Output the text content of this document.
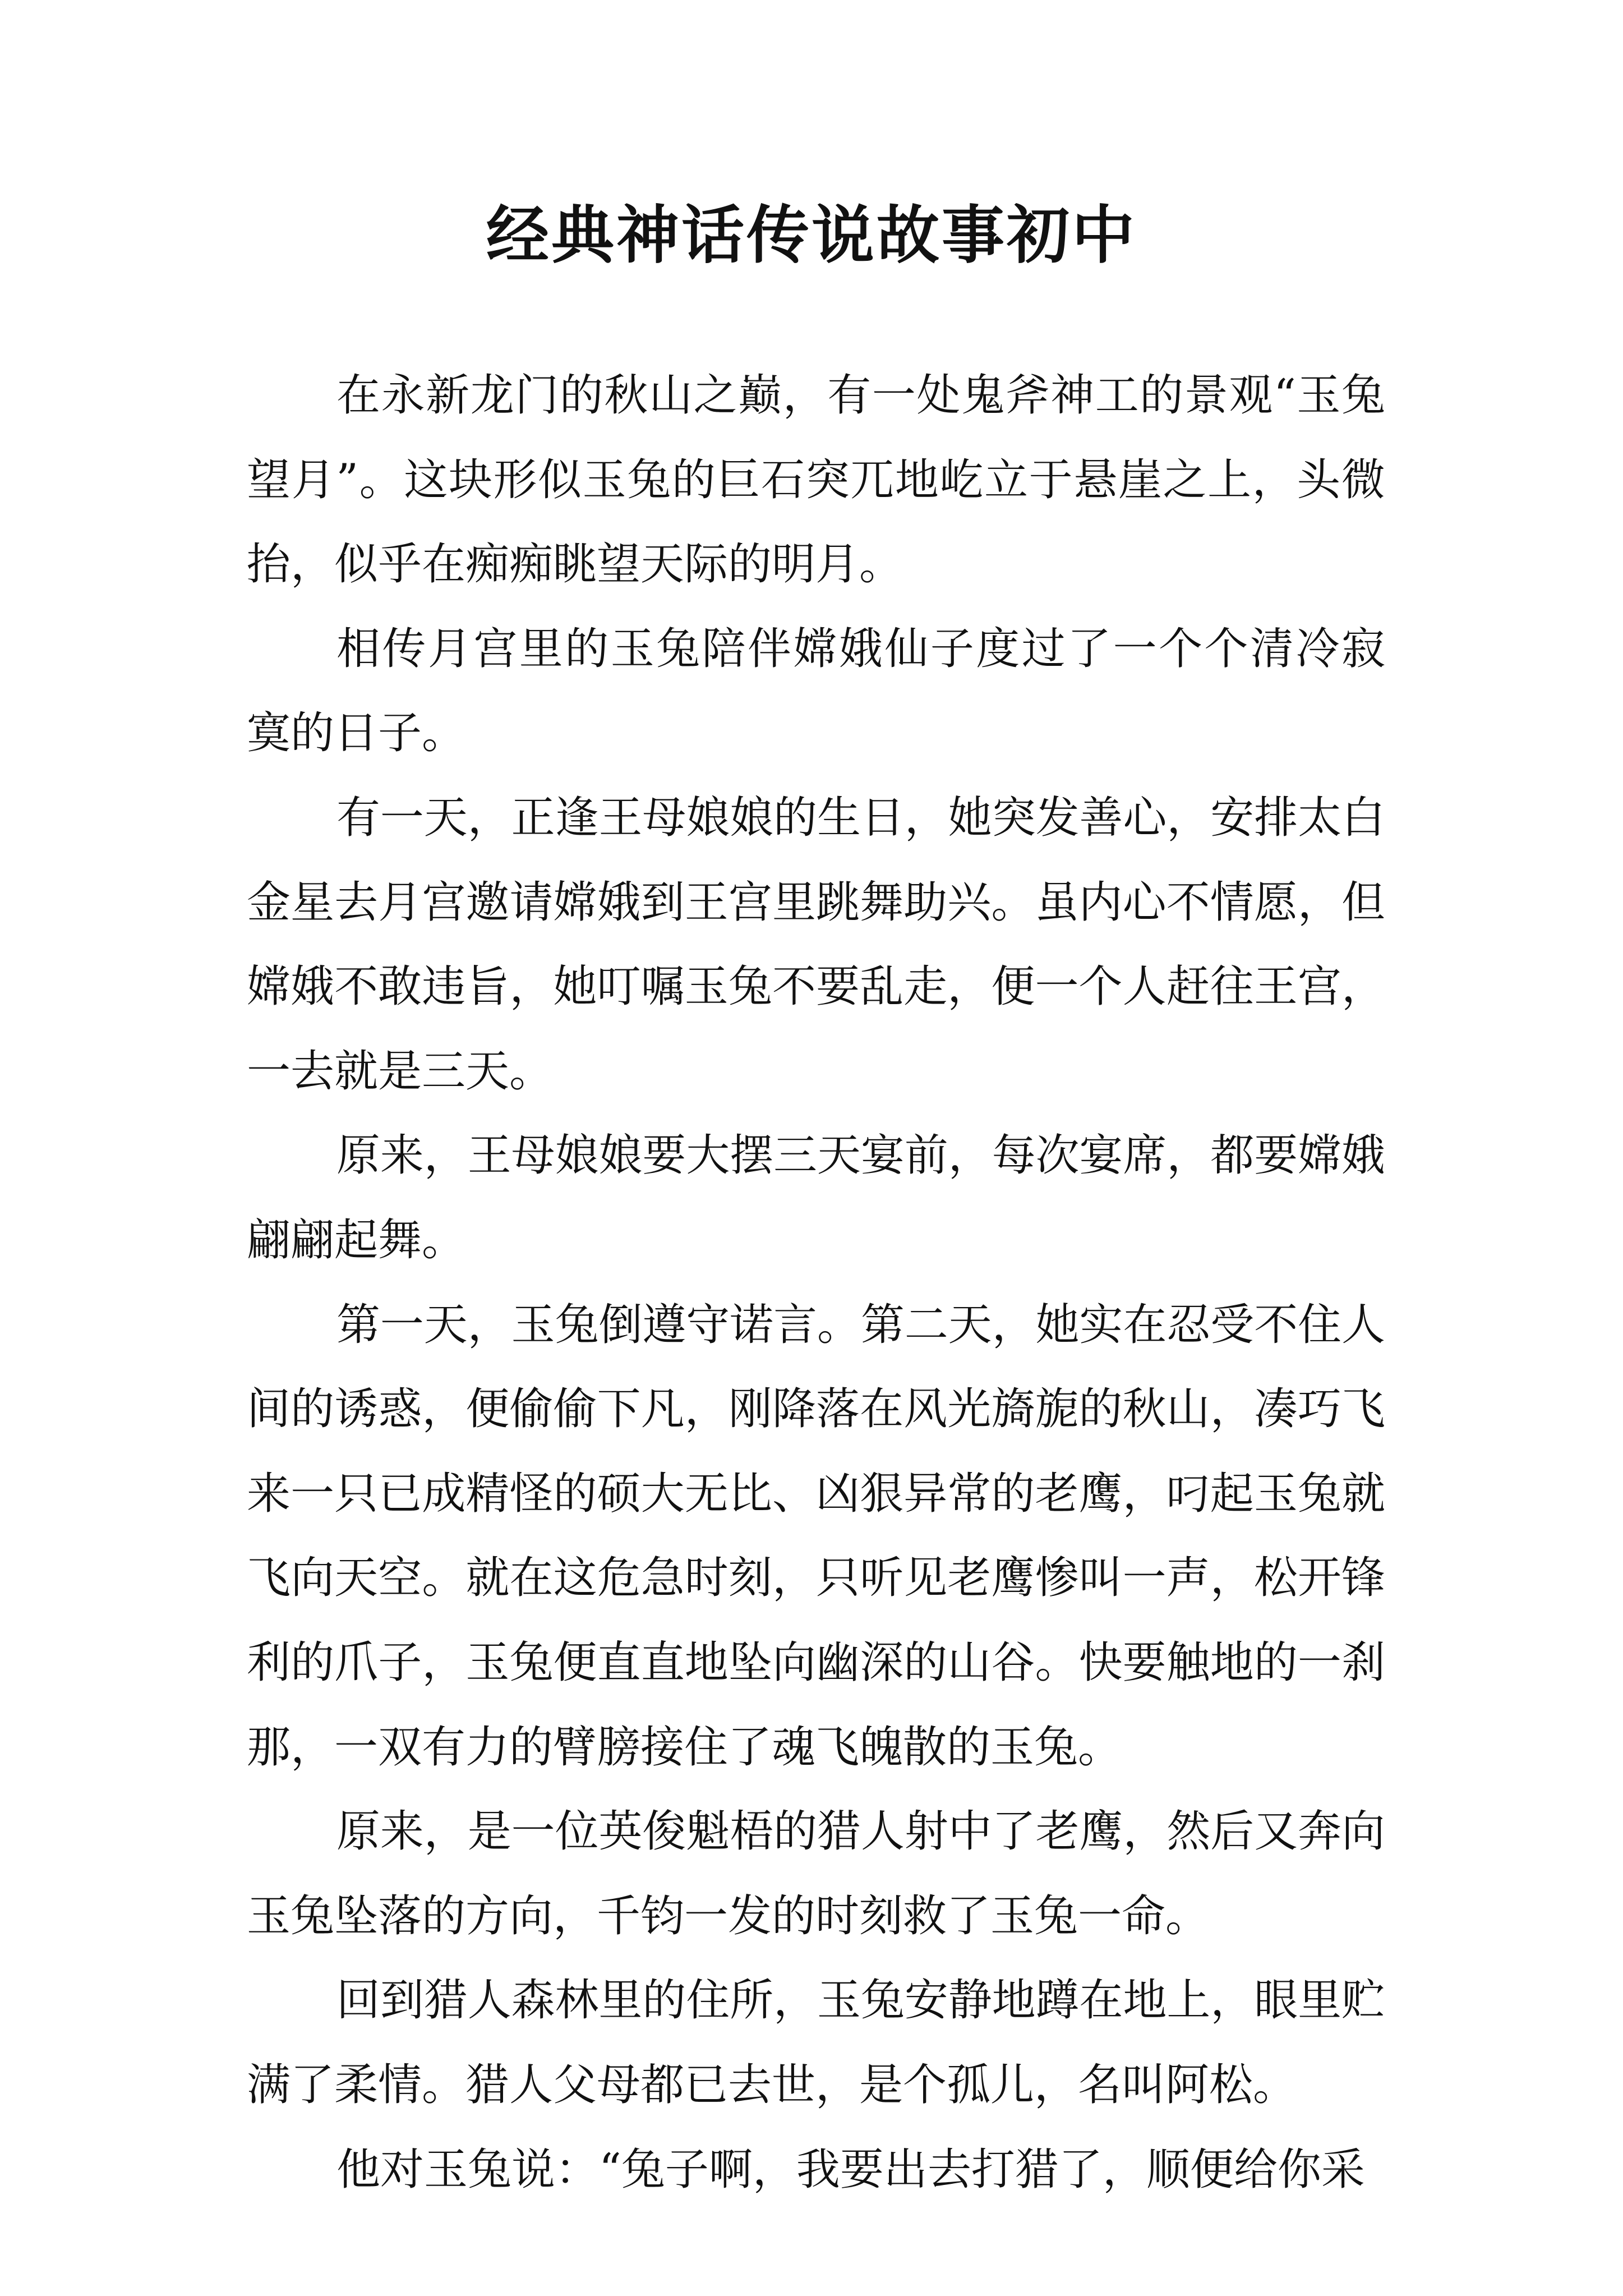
经典神话传说故事初中
在永新龙门的秋山之巅，有一处鬼斧神工的景观“玉兔
望月”。这块形似玉兔的巨石突兀地屹立于悬崖之上，头微
抬，似乎在痴痴眺望天际的明月。
相传月宫里的玉兔陪伴嫦娥仙子度过了一个个清冷寂
寞的日子。
有一天，正逢王母娘娘的生日，她突发善心，安排太白
金星去月宫邀请嫦娥到王宫里跳舞助兴。虽内心不情愿，但
嫦娥不敢违旨，她叮嘱玉兔不要乱走，便一个人赶往王宫，
一去就是三天。
原来，王母娘娘要大摆三天宴前，每次宴席，都要嫦娥
翩翩起舞。
第一天，玉兔倒遵守诺言。第二天，她实在忍受不住人
间的诱惑，便偷偷下凡，刚降落在风光旖旎的秋山，凑巧飞
来一只已成精怪的硕大无比、凶狠异常的老鹰，叼起玉兔就
飞向天空。就在这危急时刻，只听见老鹰惨叫一声，松开锋
利的爪子，玉兔便直直地坠向幽深的山谷。快要触地的一刹
那，一双有力的臂膀接住了魂飞魄散的玉兔。
原来，是一位英俊魁梧的猎人射中了老鹰，然后又奔向
玉兔坠落的方向，千钧一发的时刻救了玉兔一命。
回到猎人森林里的住所，玉兔安静地蹲在地上，眼里贮
满了柔情。猎人父母都已去世，是个孤儿，名叫阿松。
他对玉兔说：“兔子啊，我要出去打猎了，顺便给你采
